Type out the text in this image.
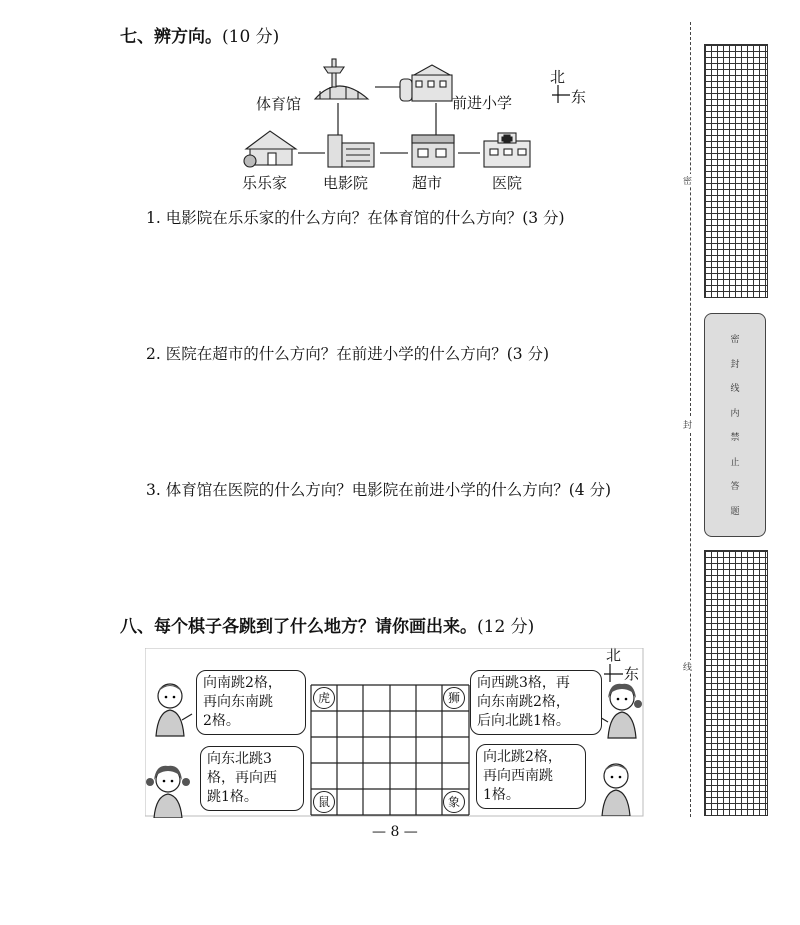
七、辨方向。(10 分)
北
东
体育馆	前进小学
乐乐家 电影院	超市	医院
1. 电影院在乐乐家的什么方向？在体育馆的什么方向？(3 分)
2. 医院在超市的什么方向？在前进小学的什么方向？(3 分)
3. 体育馆在医院的什么方向？电影院在前进小学的什么方向？(4 分)
八、每个棋子各跳到了什么地方？请你画出来。(12 分)
北
东
虎	狮
鼠	象
向南跳2格，
再向东南跳
2格。
向东北跳3
格，再向西
跳1格。
向西跳3格，再
向东南跳2格，
后向北跳1格。
向北跳2格，
再向西南跳
1格。
— 8 —
密
封
线
内
禁
止
答
题
密
封
线
